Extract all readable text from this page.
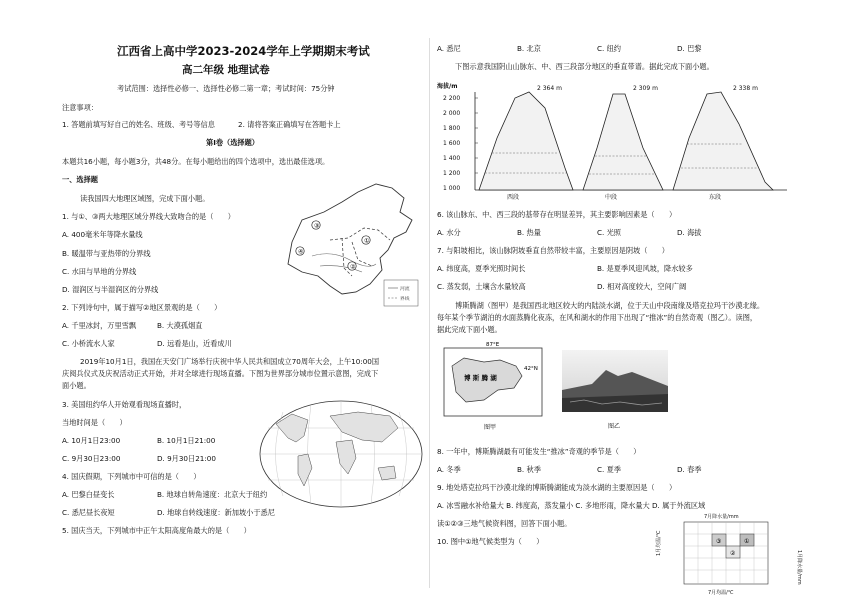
江西省上高中学2023-2024学年上学期期末考试
高二年级 地理试卷
考试范围：选择性必修一、选择性必修二第一章；考试时间：75分钟
注意事项：
1. 答题前填写好自己的姓名、班级、考号等信息	2. 请将答案正确填写在答题卡上
第Ⅰ卷（选择题）
本题共16小题，每小题3分，共48分。在每小题给出的四个选项中，选出最佳选项。
一、选择题
读我国四大地理区域图，完成下面小题。
1. 与①、③两大地理区域分界线大致吻合的是（　　）
A. 400毫米年等降水量线
B. 暖温带与亚热带的分界线
C. 水田与旱地的分界线
D. 湿润区与半湿润区的分界线
2. 下列诗句中，属于描写②地区景观的是（　　）
A. 千里冰封，万里雪飘	B. 大漠孤烟直
C. 小桥流水人家	D. 远看是山，近看成川
2019年10月1日，我国在天安门广场举行庆祝中华人民共和国成立70周年大会，上午10:00国
庆阅兵仪式及庆祝活动正式开始，并对全球进行现场直播。下图为世界部分城市位置示意图，完成下
面小题。
3. 美国纽约华人开始观看现场直播时，
当地时间是（　　）
A. 10月1日23:00	B. 10月1日21:00
C. 9月30日23:00	D. 9月30日21:00
4. 国庆假期，下列城市中可信的是（　　）
A. 巴黎白昼变长	B. 地球自转角速度：北京大于纽约
C. 悉尼昼长夜短	D. 地球自转线速度：新加坡小于悉尼
5. 国庆当天，下列城市中正午太阳高度角最大的是（　　）
③
④
①
②
河流
界线
A. 悉尼	B. 北京	C. 纽约	D. 巴黎
下图示意我国阴山山脉东、中、西三段部分地区的垂直带谱。据此完成下面小题。
海拔/m
2 200
2 000
1 800
1 600
1 400
1 200
1 000
2 364 m	2 309 m	2 338 m
西段	中段	东段
6. 该山脉东、中、西三段的基带存在明显差异，其主要影响因素是（　　）
A. 水分	B. 热量	C. 光照	D. 海拔
7. 与阳坡相比，该山脉阴坡垂直自然带较丰富，主要原因是阴坡（　　）
A. 纬度高，夏季光照时间长	B. 是夏季风迎风坡，降水较多
C. 蒸发弱，土壤含水量较高	D. 相对高度较大，空间广阔
博斯腾湖（图甲）是我国西北地区较大的内陆淡水湖，位于天山中段南缘及塔克拉玛干沙漠北缘。
每年某个季节湖泊的水面蒸腾化夜冻，在风和湖水的作用下出现了“推冰”的自然奇观（图乙）。读图，
据此完成下面小题。
87°E
42°N
博 斯 腾 湖
图甲	图乙
8. 一年中，博斯腾湖最有可能发生“推冰”奇观的季节是（　　）
A. 冬季	B. 秋季	C. 夏季	D. 春季
9. 地处塔克拉玛干沙漠北缘的博斯腾湖能成为淡水湖的主要原因是（　　）
A. 冰雪融水补给量大 B. 纬度高，蒸发量小 C. 多地形雨，降水量大 D. 属于外流区域
读①②③三地气候资料图，回答下面小题。
10. 图中①地气候类型为（　　）
7月降水量/mm
7月均温/℃
1月均温/℃
1月降水量/mm
③
②
①
